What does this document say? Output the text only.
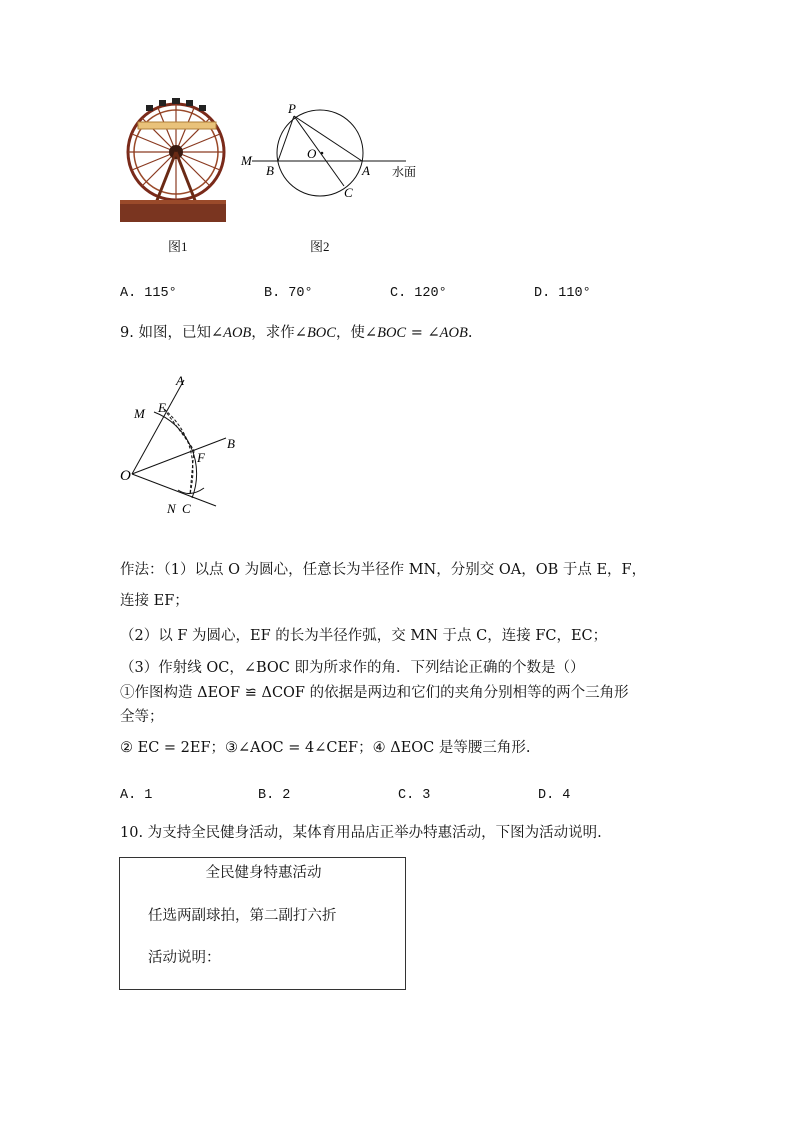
图1
P
O
M
B	A
C
水面
图2
A. 115°	B. 70°	C. 120°	D. 110°
9. 如图，已知∠AOB，求作∠BOC，使∠BOC = ∠AOB.
A
M E
B
F
O
N C
作法：（1）以点 O 为圆心，任意长为半径作 MN，分别交 OA，OB 于点 E，F，
连接 EF；
（2）以 F 为圆心，EF 的长为半径作弧，交 MN 于点 C，连接 FC，EC；
（3）作射线 OC，∠BOC 即为所求作的角．下列结论正确的个数是（）
①作图构造 ΔEOF ≌ ΔCOF 的依据是两边和它们的夹角分别相等的两个三角形
全等；
② EC = 2EF；③∠AOC = 4∠CEF；④ ΔEOC 是等腰三角形.
A. 1	B. 2	C. 3	D. 4
10. 为支持全民健身活动，某体育用品店正举办特惠活动，下图为活动说明.
全民健身特惠活动
任选两副球拍，第二副打六折
活动说明：
